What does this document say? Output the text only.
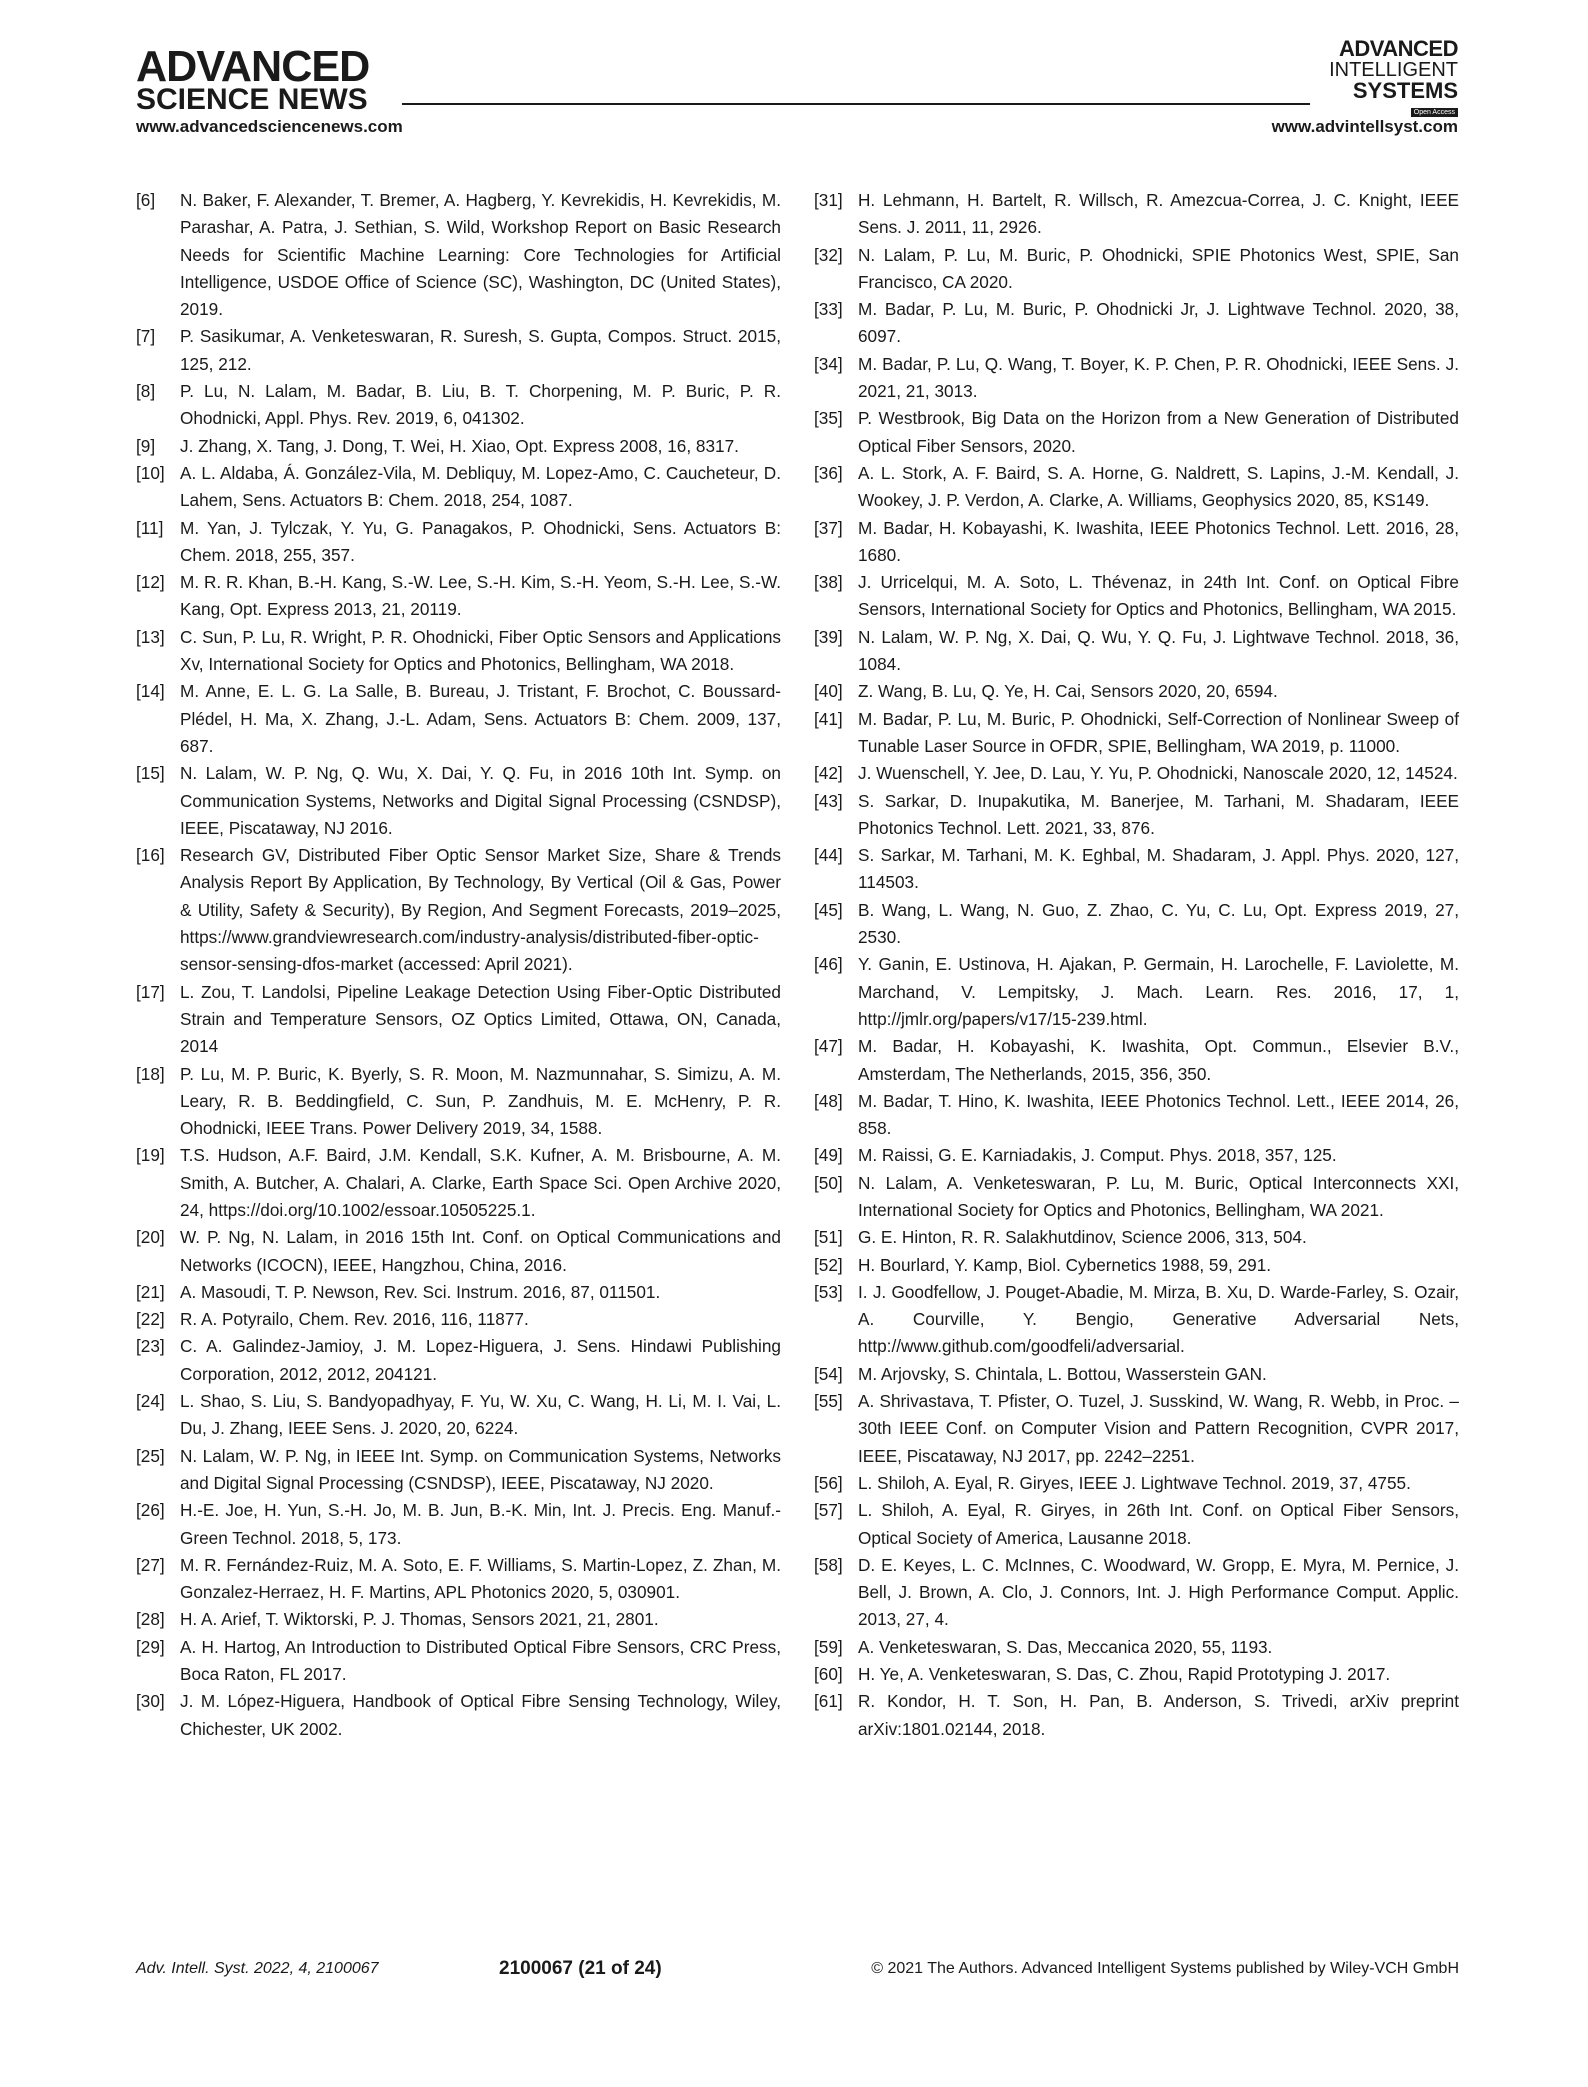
ADVANCED
SCIENCE NEWS
ADVANCED
INTELLIGENT
SYSTEMS
Open Access
www.advancedsciencenews.com	www.advintellsyst.com
[6]	N. Baker, F. Alexander, T. Bremer, A. Hagberg, Y. Kevrekidis, H. Kevrekidis, M. Parashar, A. Patra, J. Sethian, S. Wild, Workshop Report on Basic Research Needs for Scientific Machine Learning: Core Technologies for Artificial Intelligence, USDOE Office of Science (SC), Washington, DC (United States), 2019.
[7]	P. Sasikumar, A. Venketeswaran, R. Suresh, S. Gupta, Compos. Struct. 2015, 125, 212.
[8]	P. Lu, N. Lalam, M. Badar, B. Liu, B. T. Chorpening, M. P. Buric, P. R. Ohodnicki, Appl. Phys. Rev. 2019, 6, 041302.
[9]	J. Zhang, X. Tang, J. Dong, T. Wei, H. Xiao, Opt. Express 2008, 16, 8317.
[10] A. L. Aldaba, Á. González-Vila, M. Debliquy, M. Lopez-Amo, C. Caucheteur, D. Lahem, Sens. Actuators B: Chem. 2018, 254, 1087.
[11] M. Yan, J. Tylczak, Y. Yu, G. Panagakos, P. Ohodnicki, Sens. Actuators B: Chem. 2018, 255, 357.
[12] M. R. R. Khan, B.-H. Kang, S.-W. Lee, S.-H. Kim, S.-H. Yeom, S.-H. Lee, S.-W. Kang, Opt. Express 2013, 21, 20119.
[13] C. Sun, P. Lu, R. Wright, P. R. Ohodnicki, Fiber Optic Sensors and Applications Xv, International Society for Optics and Photonics, Bellingham, WA 2018.
[14] M. Anne, E. L. G. La Salle, B. Bureau, J. Tristant, F. Brochot, C. Boussard-Plédel, H. Ma, X. Zhang, J.-L. Adam, Sens. Actuators B: Chem. 2009, 137, 687.
[15] N. Lalam, W. P. Ng, Q. Wu, X. Dai, Y. Q. Fu, in 2016 10th Int. Symp. on Communication Systems, Networks and Digital Signal Processing (CSNDSP), IEEE, Piscataway, NJ 2016.
[16] Research GV, Distributed Fiber Optic Sensor Market Size, Share & Trends Analysis Report By Application, By Technology, By Vertical (Oil & Gas, Power & Utility, Safety & Security), By Region, And Segment Forecasts, 2019–2025, https://www.grandviewresearch.com/industry-analysis/distributed-fiber-optic-sensor-sensing-dfos-market (accessed: April 2021).
[17] L. Zou, T. Landolsi, Pipeline Leakage Detection Using Fiber-Optic Distributed Strain and Temperature Sensors, OZ Optics Limited, Ottawa, ON, Canada, 2014
[18] P. Lu, M. P. Buric, K. Byerly, S. R. Moon, M. Nazmunnahar, S. Simizu, A. M. Leary, R. B. Beddingfield, C. Sun, P. Zandhuis, M. E. McHenry, P. R. Ohodnicki, IEEE Trans. Power Delivery 2019, 34, 1588.
[19] T.S. Hudson, A.F. Baird, J.M. Kendall, S.K. Kufner, A. M. Brisbourne, A. M. Smith, A. Butcher, A. Chalari, A. Clarke, Earth Space Sci. Open Archive 2020, 24, https://doi.org/10.1002/essoar.10505225.1.
[20] W. P. Ng, N. Lalam, in 2016 15th Int. Conf. on Optical Communications and Networks (ICOCN), IEEE, Hangzhou, China, 2016.
[21] A. Masoudi, T. P. Newson, Rev. Sci. Instrum. 2016, 87, 011501.
[22] R. A. Potyrailo, Chem. Rev. 2016, 116, 11877.
[23] C. A. Galindez-Jamioy, J. M. Lopez-Higuera, J. Sens. Hindawi Publishing Corporation, 2012, 2012, 204121.
[24] L. Shao, S. Liu, S. Bandyopadhyay, F. Yu, W. Xu, C. Wang, H. Li, M. I. Vai, L. Du, J. Zhang, IEEE Sens. J. 2020, 20, 6224.
[25] N. Lalam, W. P. Ng, in IEEE Int. Symp. on Communication Systems, Networks and Digital Signal Processing (CSNDSP), IEEE, Piscataway, NJ 2020.
[26] H.-E. Joe, H. Yun, S.-H. Jo, M. B. Jun, B.-K. Min, Int. J. Precis. Eng. Manuf.-Green Technol. 2018, 5, 173.
[27] M. R. Fernández-Ruiz, M. A. Soto, E. F. Williams, S. Martin-Lopez, Z. Zhan, M. Gonzalez-Herraez, H. F. Martins, APL Photonics 2020, 5, 030901.
[28] H. A. Arief, T. Wiktorski, P. J. Thomas, Sensors 2021, 21, 2801.
[29] A. H. Hartog, An Introduction to Distributed Optical Fibre Sensors, CRC Press, Boca Raton, FL 2017.
[30] J. M. López-Higuera, Handbook of Optical Fibre Sensing Technology, Wiley, Chichester, UK 2002.
[31] H. Lehmann, H. Bartelt, R. Willsch, R. Amezcua-Correa, J. C. Knight, IEEE Sens. J. 2011, 11, 2926.
[32] N. Lalam, P. Lu, M. Buric, P. Ohodnicki, SPIE Photonics West, SPIE, San Francisco, CA 2020.
[33] M. Badar, P. Lu, M. Buric, P. Ohodnicki Jr, J. Lightwave Technol. 2020, 38, 6097.
[34] M. Badar, P. Lu, Q. Wang, T. Boyer, K. P. Chen, P. R. Ohodnicki, IEEE Sens. J. 2021, 21, 3013.
[35] P. Westbrook, Big Data on the Horizon from a New Generation of Distributed Optical Fiber Sensors, 2020.
[36] A. L. Stork, A. F. Baird, S. A. Horne, G. Naldrett, S. Lapins, J.-M. Kendall, J. Wookey, J. P. Verdon, A. Clarke, A. Williams, Geophysics 2020, 85, KS149.
[37] M. Badar, H. Kobayashi, K. Iwashita, IEEE Photonics Technol. Lett. 2016, 28, 1680.
[38] J. Urricelqui, M. A. Soto, L. Thévenaz, in 24th Int. Conf. on Optical Fibre Sensors, International Society for Optics and Photonics, Bellingham, WA 2015.
[39] N. Lalam, W. P. Ng, X. Dai, Q. Wu, Y. Q. Fu, J. Lightwave Technol. 2018, 36, 1084.
[40] Z. Wang, B. Lu, Q. Ye, H. Cai, Sensors 2020, 20, 6594.
[41] M. Badar, P. Lu, M. Buric, P. Ohodnicki, Self-Correction of Nonlinear Sweep of Tunable Laser Source in OFDR, SPIE, Bellingham, WA 2019, p. 11000.
[42] J. Wuenschell, Y. Jee, D. Lau, Y. Yu, P. Ohodnicki, Nanoscale 2020, 12, 14524.
[43] S. Sarkar, D. Inupakutika, M. Banerjee, M. Tarhani, M. Shadaram, IEEE Photonics Technol. Lett. 2021, 33, 876.
[44] S. Sarkar, M. Tarhani, M. K. Eghbal, M. Shadaram, J. Appl. Phys. 2020, 127, 114503.
[45] B. Wang, L. Wang, N. Guo, Z. Zhao, C. Yu, C. Lu, Opt. Express 2019, 27, 2530.
[46] Y. Ganin, E. Ustinova, H. Ajakan, P. Germain, H. Larochelle, F. Laviolette, M. Marchand, V. Lempitsky, J. Mach. Learn. Res. 2016, 17, 1, http://jmlr.org/papers/v17/15-239.html.
[47] M. Badar, H. Kobayashi, K. Iwashita, Opt. Commun., Elsevier B.V., Amsterdam, The Netherlands, 2015, 356, 350.
[48] M. Badar, T. Hino, K. Iwashita, IEEE Photonics Technol. Lett., IEEE 2014, 26, 858.
[49] M. Raissi, G. E. Karniadakis, J. Comput. Phys. 2018, 357, 125.
[50] N. Lalam, A. Venketeswaran, P. Lu, M. Buric, Optical Interconnects XXI, International Society for Optics and Photonics, Bellingham, WA 2021.
[51] G. E. Hinton, R. R. Salakhutdinov, Science 2006, 313, 504.
[52] H. Bourlard, Y. Kamp, Biol. Cybernetics 1988, 59, 291.
[53] I. J. Goodfellow, J. Pouget-Abadie, M. Mirza, B. Xu, D. Warde-Farley, S. Ozair, A. Courville, Y. Bengio, Generative Adversarial Nets, http://www.github.com/goodfeli/adversarial.
[54] M. Arjovsky, S. Chintala, L. Bottou, Wasserstein GAN.
[55] A. Shrivastava, T. Pfister, O. Tuzel, J. Susskind, W. Wang, R. Webb, in Proc. – 30th IEEE Conf. on Computer Vision and Pattern Recognition, CVPR 2017, IEEE, Piscataway, NJ 2017, pp. 2242–2251.
[56] L. Shiloh, A. Eyal, R. Giryes, IEEE J. Lightwave Technol. 2019, 37, 4755.
[57] L. Shiloh, A. Eyal, R. Giryes, in 26th Int. Conf. on Optical Fiber Sensors, Optical Society of America, Lausanne 2018.
[58] D. E. Keyes, L. C. McInnes, C. Woodward, W. Gropp, E. Myra, M. Pernice, J. Bell, J. Brown, A. Clo, J. Connors, Int. J. High Performance Comput. Applic. 2013, 27, 4.
[59] A. Venketeswaran, S. Das, Meccanica 2020, 55, 1193.
[60] H. Ye, A. Venketeswaran, S. Das, C. Zhou, Rapid Prototyping J. 2017.
[61] R. Kondor, H. T. Son, H. Pan, B. Anderson, S. Trivedi, arXiv preprint arXiv:1801.02144, 2018.
Adv. Intell. Syst. 2022, 4, 2100067	2100067 (21 of 24)	© 2021 The Authors. Advanced Intelligent Systems published by Wiley-VCH GmbH
